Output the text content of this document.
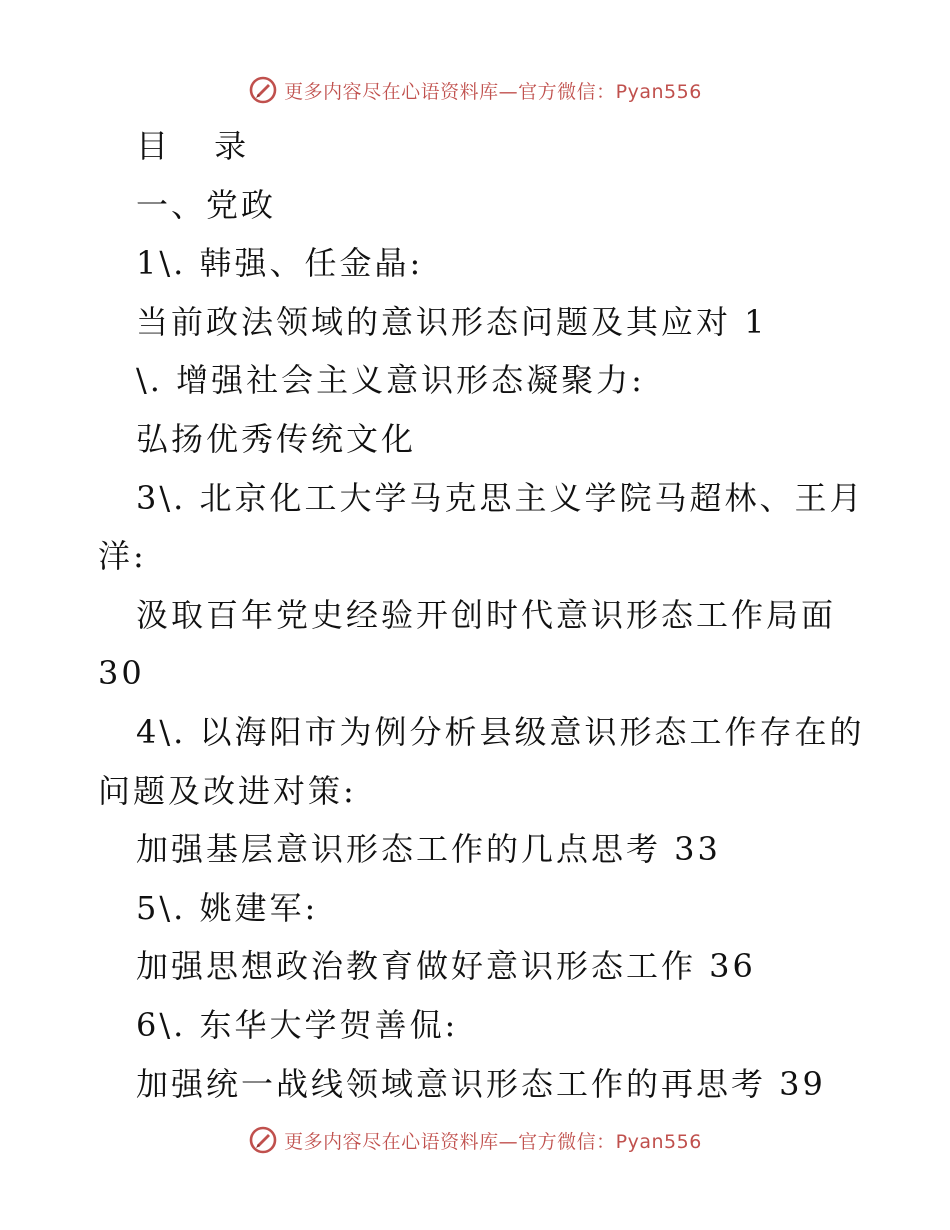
更多内容尽在心语资料库—官方微信：Pyan556
目 录
一、党政
1\. 韩强、任金晶:
当前政法领域的意识形态问题及其应对 1
\. 增强社会主义意识形态凝聚力:
弘扬优秀传统文化
3\. 北京化工大学马克思主义学院马超林、王月
洋:
汲取百年党史经验开创时代意识形态工作局面
30
4\. 以海阳市为例分析县级意识形态工作存在的
问题及改进对策:
加强基层意识形态工作的几点思考 33
5\. 姚建军:
加强思想政治教育做好意识形态工作 36
6\. 东华大学贺善侃:
加强统一战线领域意识形态工作的再思考 39
更多内容尽在心语资料库—官方微信：Pyan556
